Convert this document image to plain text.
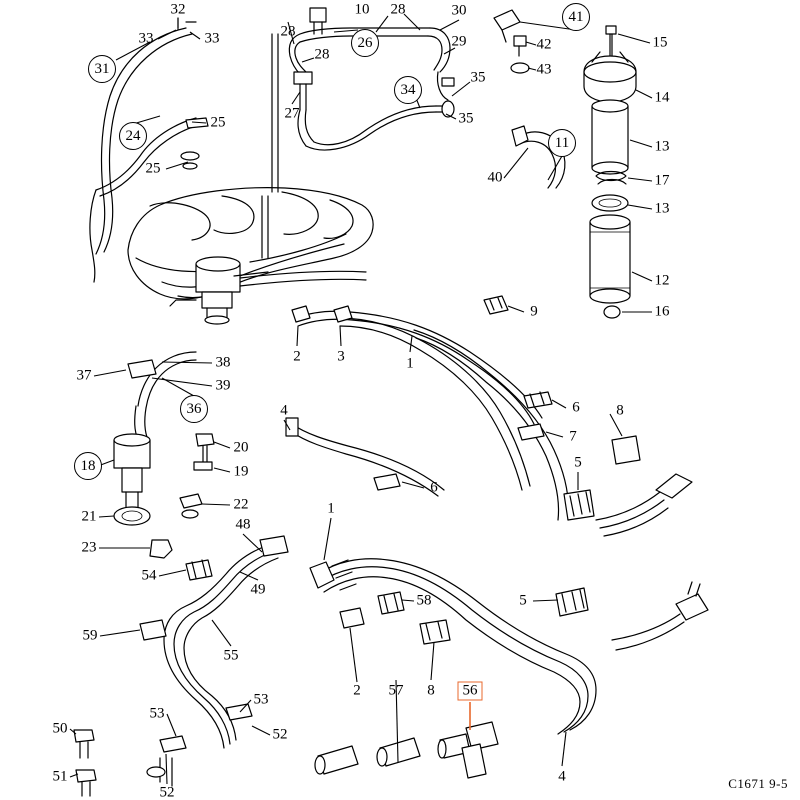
32	10 28	30	41
33	33	28
26	29	42	15
31
28
43
35
34	14
27	35
13
24
25
11
17
25
13
40
12
9	16
2 3	1
37
38
39
36	4	6 8
7
20
18	19
5
6
22
21	48
1
23
54
49
58	5
59
55
2 57 8	56
53
53
52
50
4
51
52
C1671 9-5
